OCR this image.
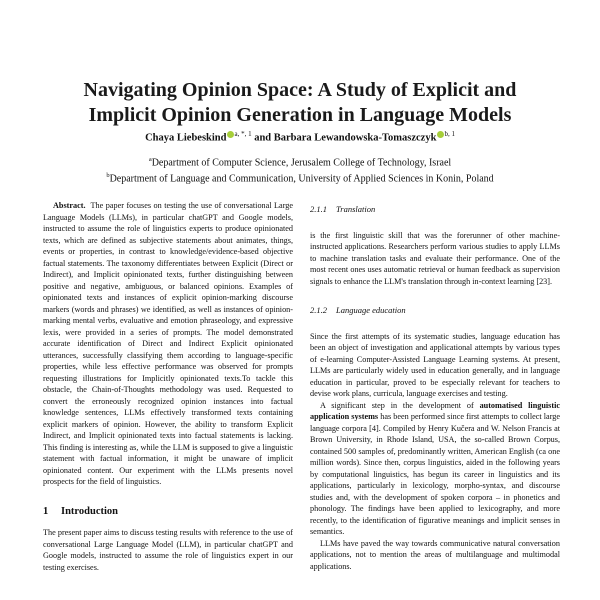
Navigating Opinion Space: A Study of Explicit and
Implicit Opinion Generation in Language Models
Chaya Liebeskind $^{a, *, 1}$ and Barbara Lewandowska-Tomaszczyk $^{b, 1}$
$^a$Department of Computer Science, Jerusalem College of Technology, Israel
$^b$Department of Language and Communication, University of Applied Sciences in Konin, Poland

Abstract. The paper focuses on testing the use of conversational Large Language Models (LLMs), in particular chatGPT and Google models, instructed to assume the role of linguistics experts to produce opinionated texts, which are defined as subjective statements about animates, things, events or properties, in contrast to knowledge/evidence-based objective factual statements. The taxonomy differentiates between Explicit (Direct or Indirect), and Implicit opinionated texts, further distinguishing between positive and negative, ambiguous, or balanced opinions. Examples of opinionated texts and instances of explicit opinion-marking discourse markers (words and phrases) we identified, as well as instances of opinion-marking mental verbs, evaluative and emotion phraseology, and expressive lexis, were provided in a series of prompts. The model demonstrated accurate identification of Direct and Indirect Explicit opinionated utterances, successfully classifying them according to language-specific properties, while less effective performance was observed for prompts requesting illustrations for Implicitly opinionated texts.To tackle this obstacle, the Chain-of-Thoughts methodology was used. Requested to convert the erroneously recognized opinion instances into factual knowledge sentences, LLMs effectively transformed texts containing explicit markers of opinion. However, the ability to transform Explicit Indirect, and Implicit opinionated texts into factual statements is lacking. This finding is interesting as, while the LLM is supposed to give a linguistic statement with factual information, it might be unaware of implicit opinionated content. Our experiment with the LLMs presents novel prospects for the field of linguistics.

1 Introduction

The present paper aims to discuss testing results with reference to the use of conversational Large Language Model (LLM), in particular chatGPT and Google models, instructed to assume the role of linguistics expert in our testing exercises.

2.1.1 Translation

is the first linguistic skill that was the forerunner of other machine-instructed applications. Researchers perform various studies to apply LLMs to machine translation tasks and evaluate their performance. One of the most recent ones uses automatic retrieval or human feedback as supervision signals to enhance the LLM's translation through in-context learning [23].

2.1.2 Language education

Since the first attempts of its systematic studies, language education has been an object of investigation and applicational attempts by various types of e-learning Computer-Assisted Language Learning systems. At present, LLMs are particularly widely used in education generally, and in language education in particular, proved to be especially relevant for teachers to devise work plans, curricula, language exercises and testing.

A significant step in the development of automatised linguistic application systems has been performed since first attempts to collect large language corpora [4]. Compiled by Henry Kučera and W. Nelson Francis at Brown University, in Rhode Island, USA, the so-called Brown Corpus, contained 500 samples of, predominantly written, American English (ca one million words). Since then, corpus linguistics, aided in the following years by computational linguistics, has begun its career in linguistics and its applications, particularly in lexicology, morpho-syntax, and discourse studies and, with the development of spoken corpora – in phonetics and phonology. The findings have been applied to lexicography, and more recently, to the identification of figurative meanings and implicit senses in semantics.

LLMs have paved the way towards communicative natural conversation applications, not to mention the areas of multilanguage and multimodal applications.
